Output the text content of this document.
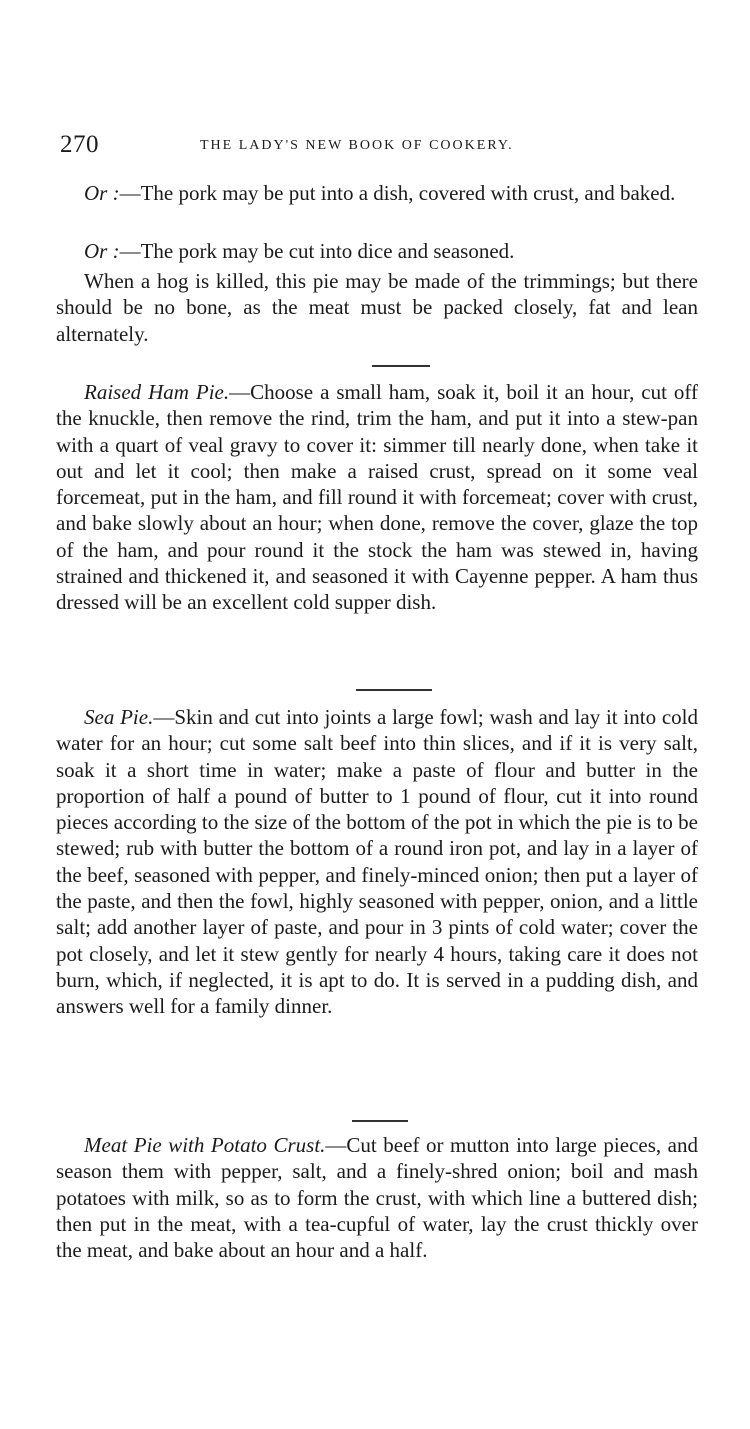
270	THE LADY'S NEW BOOK OF COOKERY.

Or :—The pork may be put into a dish, covered with crust, and baked.

Or :—The pork may be cut into dice and seasoned.

When a hog is killed, this pie may be made of the trimmings; but there should be no bone, as the meat must be packed closely, fat and lean alternately.

Raised Ham Pie.—Choose a small ham, soak it, boil it an hour, cut off the knuckle, then remove the rind, trim the ham, and put it into a stew-pan with a quart of veal gravy to cover it: simmer till nearly done, when take it out and let it cool; then make a raised crust, spread on it some veal forcemeat, put in the ham, and fill round it with forcemeat; cover with crust, and bake slowly about an hour; when done, remove the cover, glaze the top of the ham, and pour round it the stock the ham was stewed in, having strained and thickened it, and seasoned it with Cayenne pepper. A ham thus dressed will be an excellent cold supper dish.

Sea Pie.—Skin and cut into joints a large fowl; wash and lay it into cold water for an hour; cut some salt beef into thin slices, and if it is very salt, soak it a short time in water; make a paste of flour and butter in the proportion of half a pound of butter to 1 pound of flour, cut it into round pieces according to the size of the bottom of the pot in which the pie is to be stewed; rub with butter the bottom of a round iron pot, and lay in a layer of the beef, seasoned with pepper, and finely-minced onion; then put a layer of the paste, and then the fowl, highly seasoned with pepper, onion, and a little salt; add another layer of paste, and pour in 3 pints of cold water; cover the pot closely, and let it stew gently for nearly 4 hours, taking care it does not burn, which, if neglected, it is apt to do. It is served in a pudding dish, and answers well for a family dinner.

Meat Pie with Potato Crust.—Cut beef or mutton into large pieces, and season them with pepper, salt, and a finely-shred onion; boil and mash potatoes with milk, so as to form the crust, with which line a buttered dish; then put in the meat, with a tea-cupful of water, lay the crust thickly over the meat, and bake about an hour and a half.
